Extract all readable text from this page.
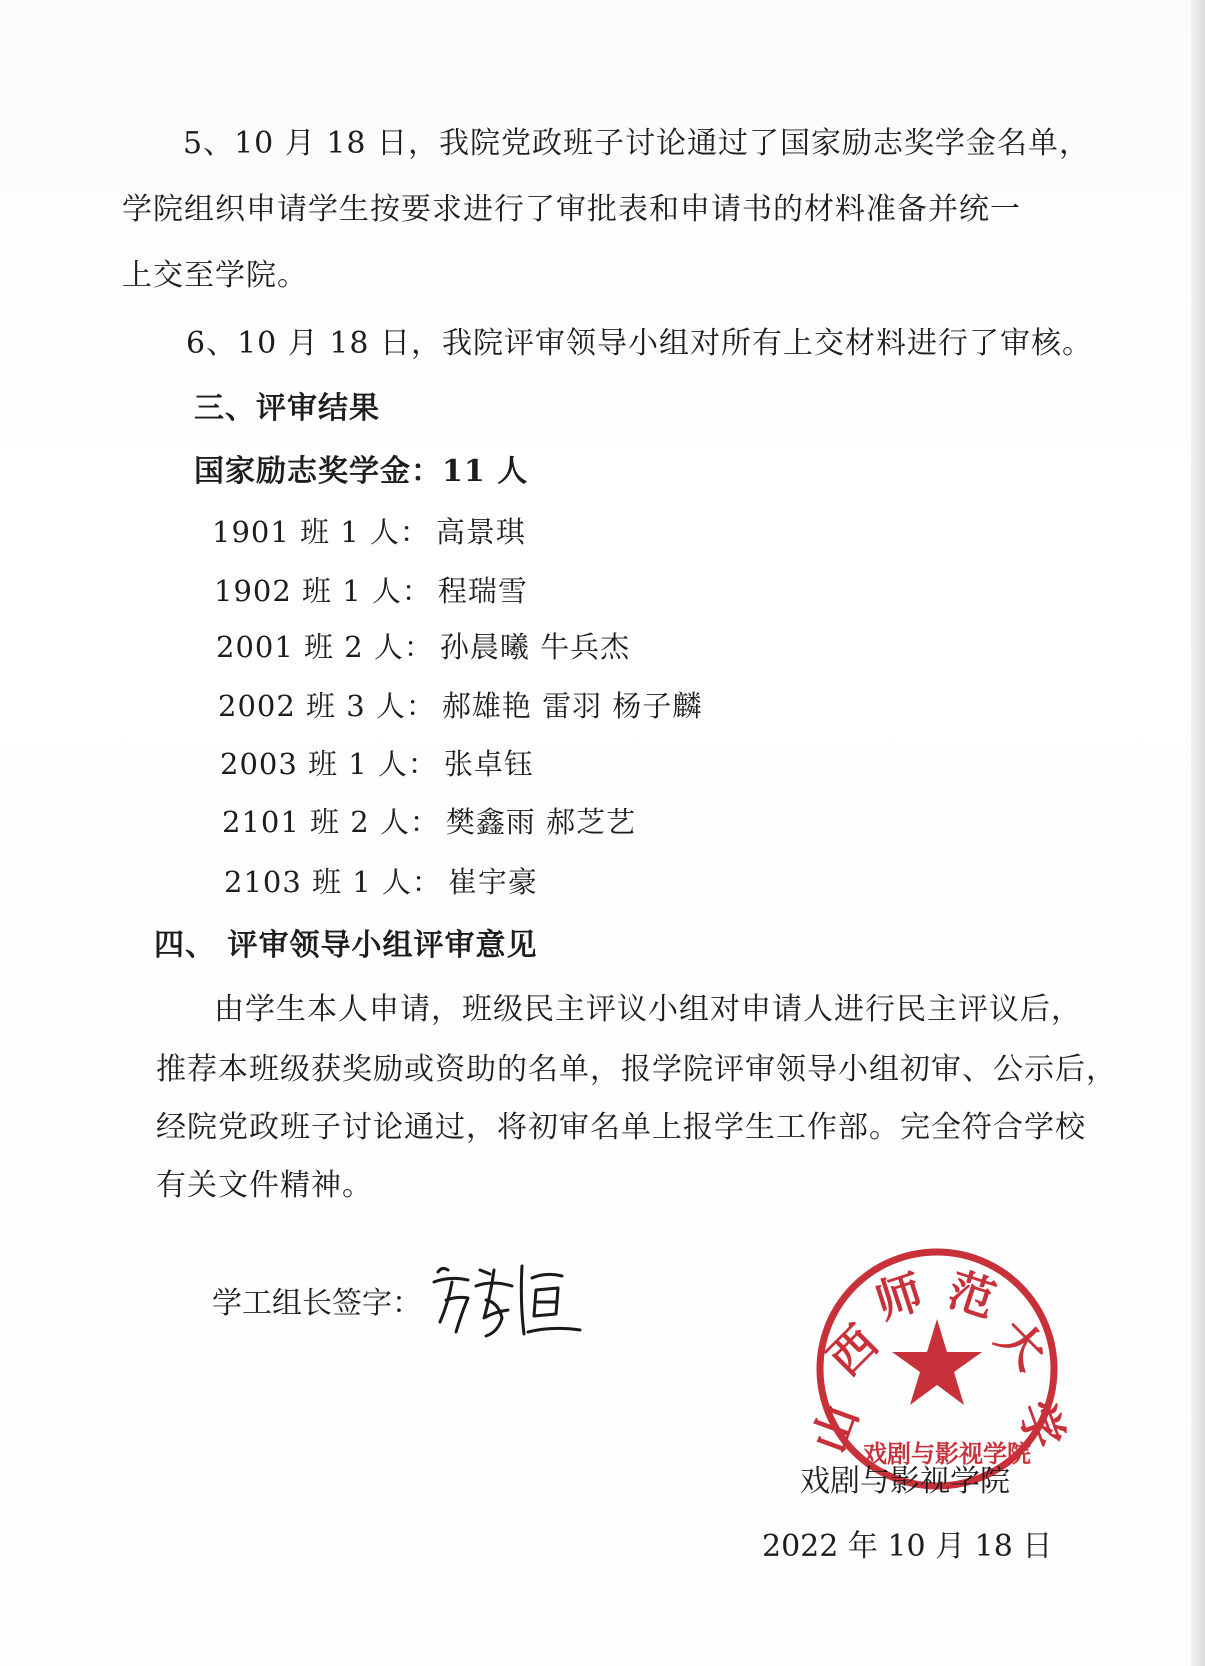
5、10 月 18 日，我院党政班子讨论通过了国家励志奖学金名单，
学院组织申请学生按要求进行了审批表和申请书的材料准备并统一
上交至学院。
6、10 月 18 日，我院评审领导小组对所有上交材料进行了审核。
三、评审结果
国家励志奖学金：11 人
1901 班 1 人： 高景琪
1902 班 1 人： 程瑞雪
2001 班 2 人： 孙晨曦 牛兵杰
2002 班 3 人： 郝雄艳 雷羽 杨子麟
2003 班 1 人： 张卓钰
2101 班 2 人： 樊鑫雨 郝芝艺
2103 班 1 人： 崔宇豪
四、 评审领导小组评审意见
由学生本人申请，班级民主评议小组对申请人进行民主评议后，
推荐本班级获奖励或资助的名单，报学院评审领导小组初审、公示后，
经院党政班子讨论通过，将初审名单上报学生工作部。完全符合学校
有关文件精神。
学工组长签字：
山
西
师 范
大
学
戏剧与影视学院
戏剧与影视学院
2022 年 10 月 18 日
